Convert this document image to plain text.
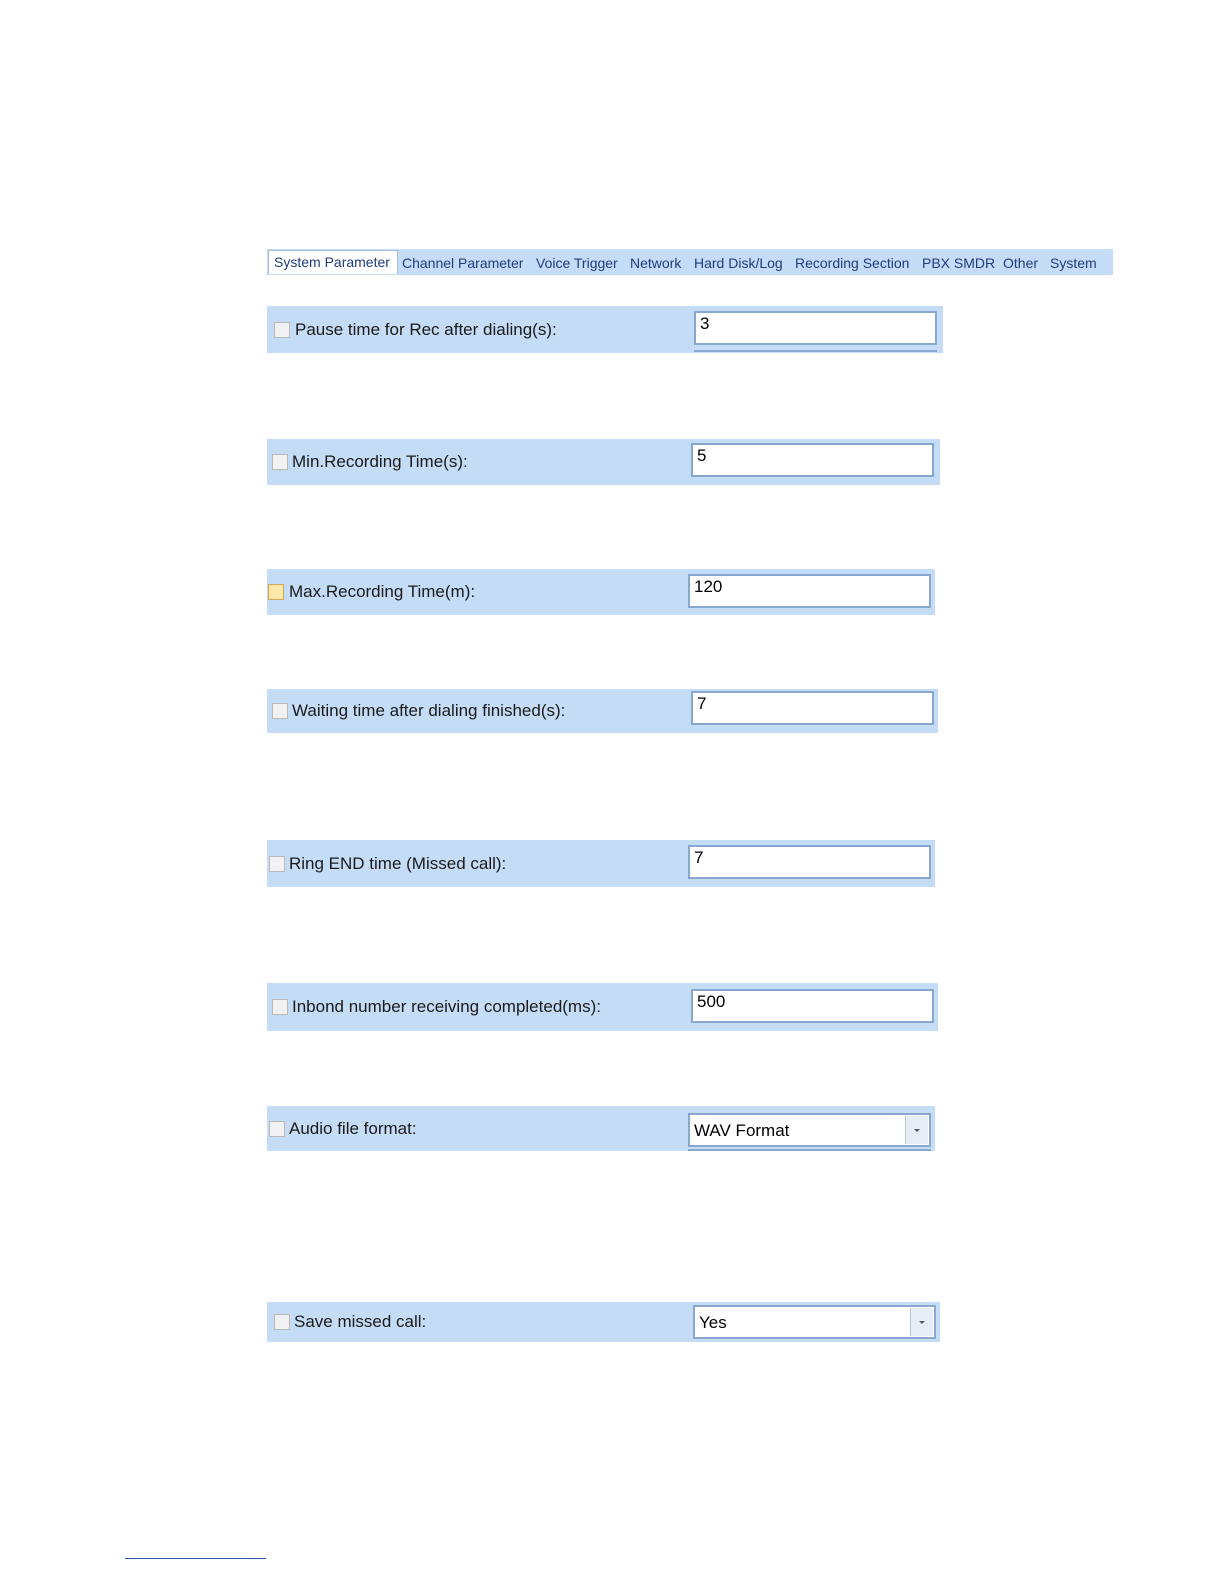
System Parameter Channel Parameter Voice Trigger Network Hard Disk/Log Recording Section PBX SMDR Other System
Pause time for Rec after dialing(s):
3
Min.Recording Time(s):
5
Max.Recording Time(m):
120
Waiting time after dialing finished(s):
7
Ring END time (Missed call):
7
Inbond number receiving completed(ms):
500
Audio file format:	WAV Format
Save missed call:	Yes
